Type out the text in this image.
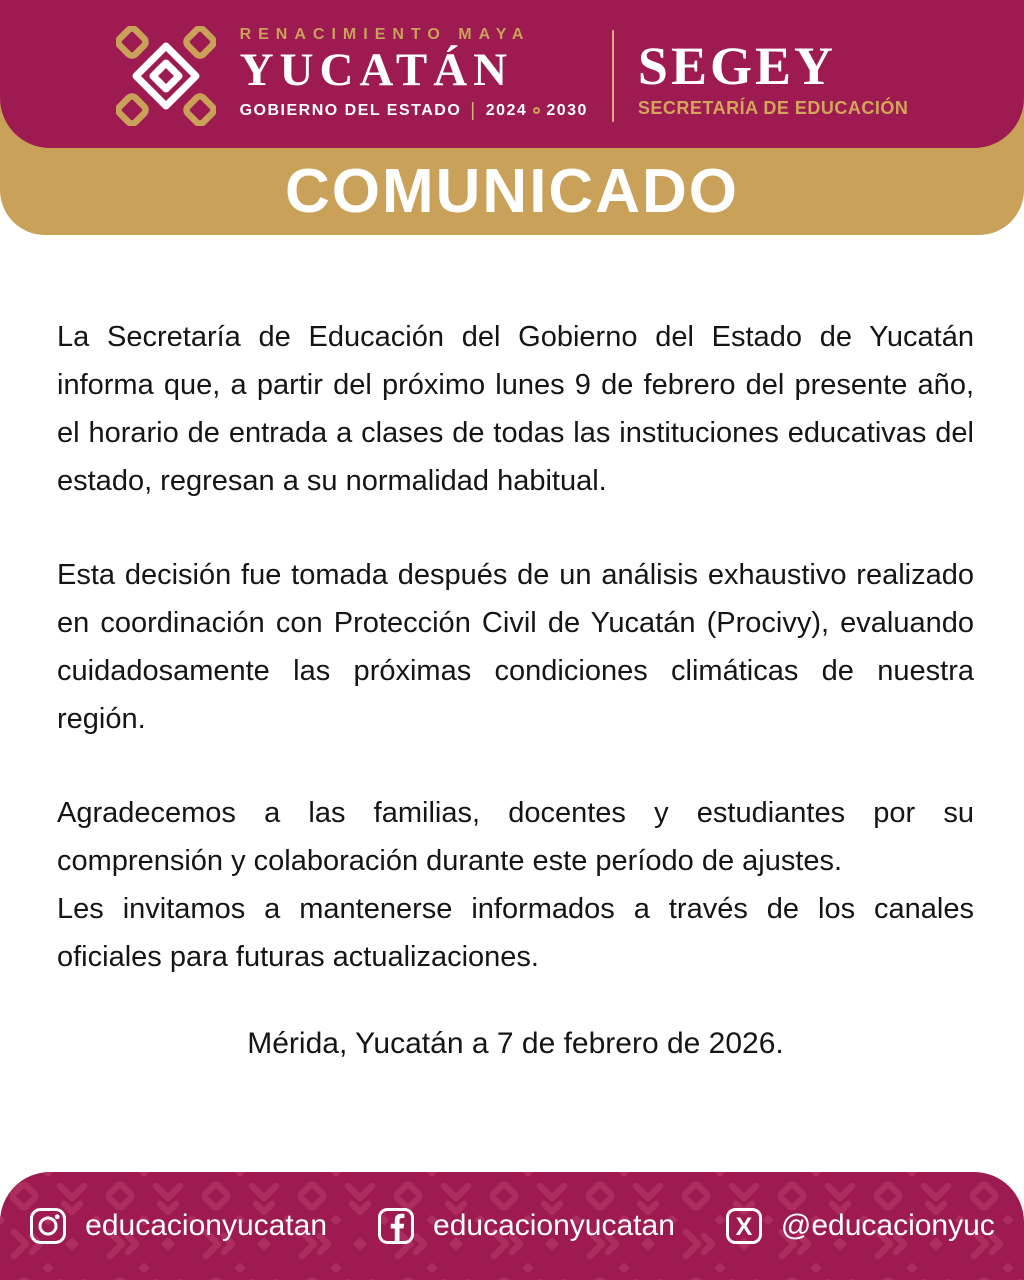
COMUNICADO
RENACIMIENTO MAYA
YUCATÁN
GOBIERNO DEL ESTADO | 2024 2030
SEGEY
SECRETARÍA DE EDUCACIÓN

La Secretaría de Educación del Gobierno del Estado de Yucatán informa que, a partir del próximo lunes 9 de febrero del presente año, el horario de entrada a clases de todas las instituciones educativas del estado, regresan a su normalidad habitual.

Esta decisión fue tomada después de un análisis exhaustivo realizado en coordinación con Protección Civil de Yucatán (Procivy), evaluando cuidadosamente las próximas condiciones climáticas de nuestra región.

Agradecemos a las familias, docentes y estudiantes por su comprensión y colaboración durante este período de ajustes.

Les invitamos a mantenerse informados a través de los canales oficiales para futuras actualizaciones.

Mérida, Yucatán a 7 de febrero de 2026.
educacionyucatan	educacionyucatan X @educacionyuc
